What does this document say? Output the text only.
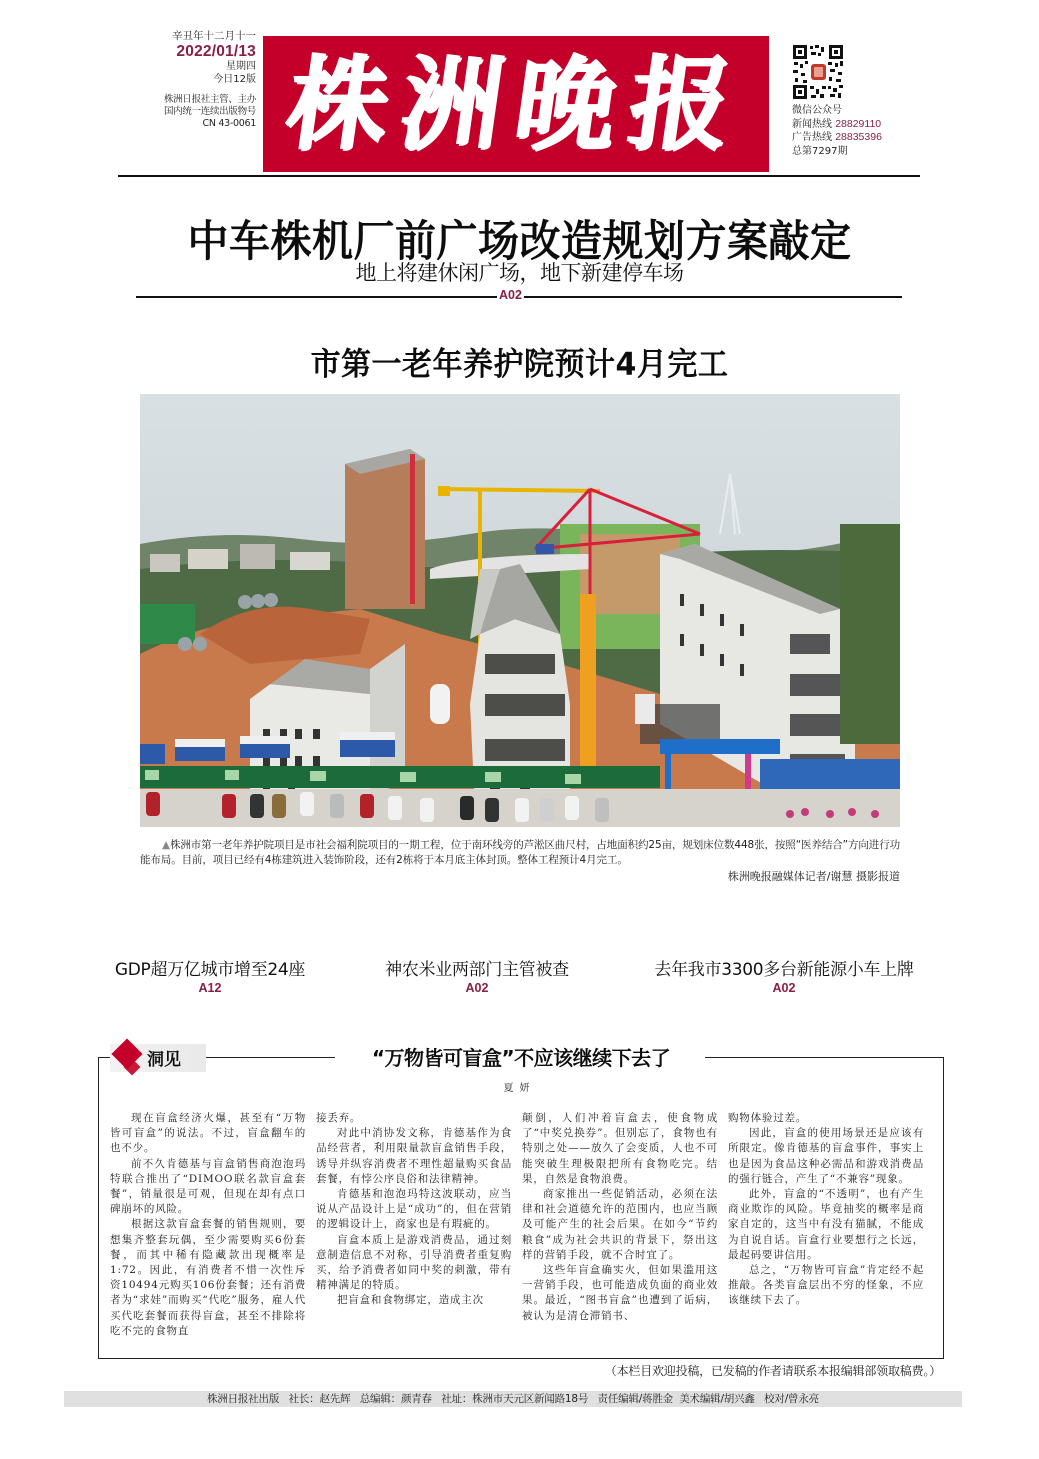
辛丑年十二月十一
2022/01/13
星期四
今日12版
株洲日报社主管、主办
国内统一连续出版物号
CN 43-0061 株洲晚报	微信公众号
新闻热线 28829110
广告热线 28835396
总第7297期
中车株机厂前广场改造规划方案敲定
地上将建休闲广场，地下新建停车场
A02
市第一老年养护院预计4月完工
▲株洲市第一老年养护院项目是市社会福利院项目的一期工程，位于南环线旁的芦淞区曲尺村，占地面积约25亩，规划床位数448张，按照“医养结合”方向进行功能布局。目前，项目已经有4栋建筑进入装饰阶段，还有2栋将于本月底主体封顶。整体工程预计4月完工。
株洲晚报融媒体记者/谢慧 摄影报道
GDP超万亿城市增至24座
A12
神农米业两部门主管被查
A02
去年我市3300多台新能源小车上牌
A02
洞见	“万物皆可盲盒”不应该继续下去了
夏妍

现在盲盒经济火爆，甚至有“万物皆可盲盒”的说法。不过，盲盒翻车的也不少。

前不久肯德基与盲盒销售商泡泡玛特联合推出了“DIMOO联名款盲盒套餐”，销量很是可观，但现在却有点口碑崩坏的风险。

根据这款盲盒套餐的销售规则，要想集齐整套玩偶，至少需要购买6份套餐，而其中稀有隐藏款出现概率是1:72。因此，有消费者不惜一次性斥资10494元购买106份套餐；还有消费者为“求娃”而购买“代吃”服务，雇人代买代吃套餐而获得盲盒，甚至不排除将吃不完的食物直

接丢弃。

对此中消协发文称，肯德基作为食品经营者，利用限量款盲盒销售手段，诱导并纵容消费者不理性超量购买食品套餐，有悖公序良俗和法律精神。

肯德基和泡泡玛特这波联动，应当说从产品设计上是“成功”的，但在营销的逻辑设计上，商家也是有瑕疵的。

盲盒本质上是游戏消费品，通过刻意制造信息不对称，引导消费者重复购买，给予消费者如同中奖的刺激，带有精神满足的特质。

把盲盒和食物绑定，造成主次

颠倒，人们冲着盲盒去，使食物成了“中奖兑换券”。但别忘了，食物也有特别之处——放久了会变质，人也不可能突破生理极限把所有食物吃完。结果，自然是食物浪费。

商家推出一些促销活动，必须在法律和社会道德允许的范围内，也应当顾及可能产生的社会后果。在如今“节约粮食”成为社会共识的背景下，祭出这样的营销手段，就不合时宜了。

这些年盲盒确实火，但如果滥用这一营销手段，也可能造成负面的商业效果。最近，“图书盲盒”也遭到了诟病，被认为是清仓滞销书、

购物体验过差。

因此，盲盒的使用场景还是应该有所限定。像肯德基的盲盒事件，事实上也是因为食品这种必需品和游戏消费品的强行链合，产生了“不兼容”现象。

此外，盲盒的“不透明”，也有产生商业欺诈的风险。毕竟抽奖的概率是商家自定的，这当中有没有猫腻，不能成为自说自话。盲盒行业要想行之长远，最起码要讲信用。

总之，“万物皆可盲盒”肯定经不起推敲。各类盲盒层出不穷的怪象，不应该继续下去了。

（本栏目欢迎投稿，已发稿的作者请联系本报编辑部领取稿费。）
株洲日报社出版   社长：赵先辉   总编辑：颜青春   社址：株洲市天元区新闻路18号   责任编辑/蒋胜金  美术编辑/胡兴鑫   校对/曾永亮
